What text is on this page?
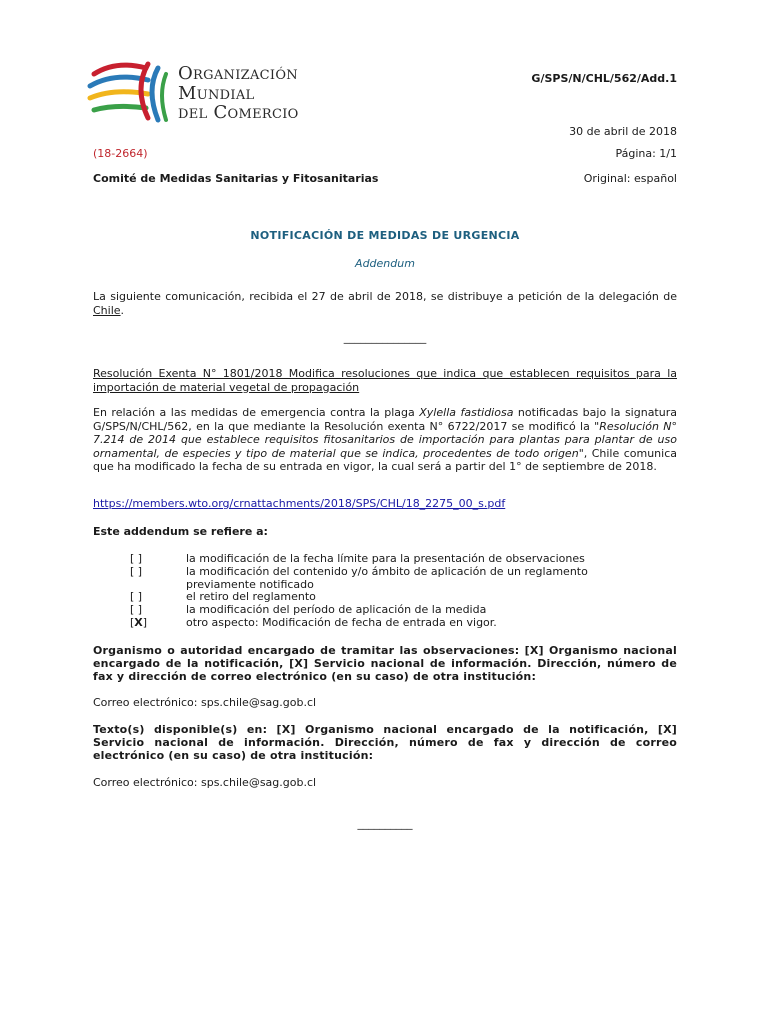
Organización
Mundial
del Comercio
G/SPS/N/CHL/562/Add.1
30 de abril de 2018
(18-2664)	Página: 1/1
Comité de Medidas Sanitarias y Fitosanitarias	Original: español
NOTIFICACIÓN DE MEDIDAS DE URGENCIA
Addendum
La siguiente comunicación, recibida el 27 de abril de 2018, se distribuye a petición de la delegación de Chile.
_______________
Resolución Exenta N° 1801/2018 Modifica resoluciones que indica que establecen requisitos para la importación de material vegetal de propagación
En relación a las medidas de emergencia contra la plaga Xylella fastidiosa notificadas bajo la signatura G/SPS/N/CHL/562, en la que mediante la Resolución exenta N° 6722/2017 se modificó la "Resolución N° 7.214 de 2014 que establece requisitos fitosanitarios de importación para plantas para plantar de uso ornamental, de especies y tipo de material que se indica, procedentes de todo origen", Chile comunica que ha modificado la fecha de su entrada en vigor, la cual será a partir del 1° de septiembre de 2018.
https://members.wto.org/crnattachments/2018/SPS/CHL/18_2275_00_s.pdf
Este addendum se refiere a:
[ ]	la modificación de la fecha límite para la presentación de observaciones
[ ]	la modificación del contenido y/o ámbito de aplicación de un reglamento previamente notificado
[ ]	el retiro del reglamento
[ ]	la modificación del período de aplicación de la medida
[X]	otro aspecto: Modificación de fecha de entrada en vigor.
Organismo o autoridad encargado de tramitar las observaciones: [X] Organismo nacional encargado de la notificación, [X] Servicio nacional de información. Dirección, número de fax y dirección de correo electrónico (en su caso) de otra institución:
Correo electrónico: sps.chile@sag.gob.cl
Texto(s) disponible(s) en: [X] Organismo nacional encargado de la notificación, [X] Servicio nacional de información. Dirección, número de fax y dirección de correo electrónico (en su caso) de otra institución:
Correo electrónico: sps.chile@sag.gob.cl
__________
